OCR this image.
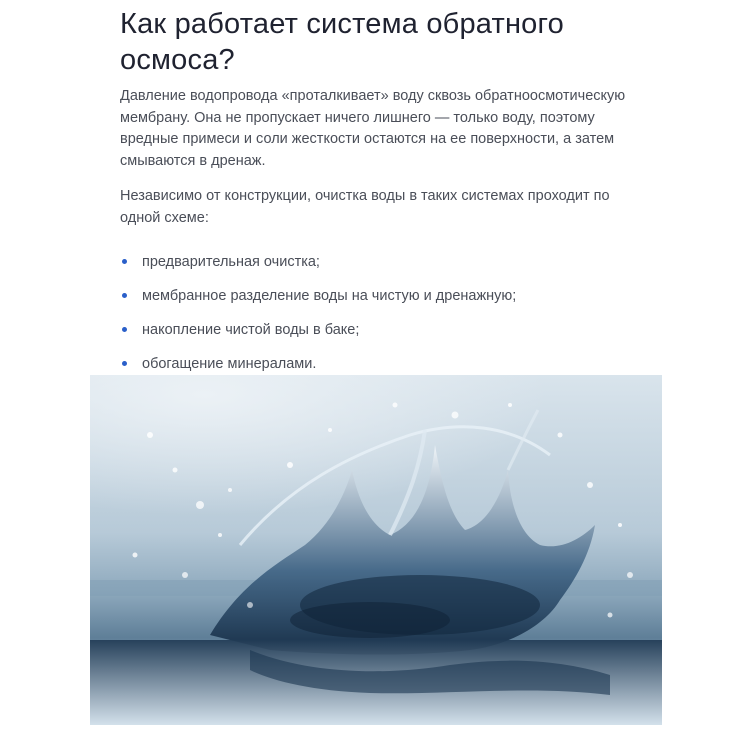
Как работает система обратного осмоса?

Давление водопровода «проталкивает» воду сквозь обратноосмотическую мембрану. Она не пропускает ничего лишнего — только воду, поэтому вредные примеси и соли жесткости остаются на ее поверхности, а затем смываются в дренаж.

Независимо от конструкции, очистка воды в таких системах проходит по одной схеме:

предварительная очистка;
мембранное разделение воды на чистую и дренажную;
накопление чистой воды в баке;
обогащение минералами.
